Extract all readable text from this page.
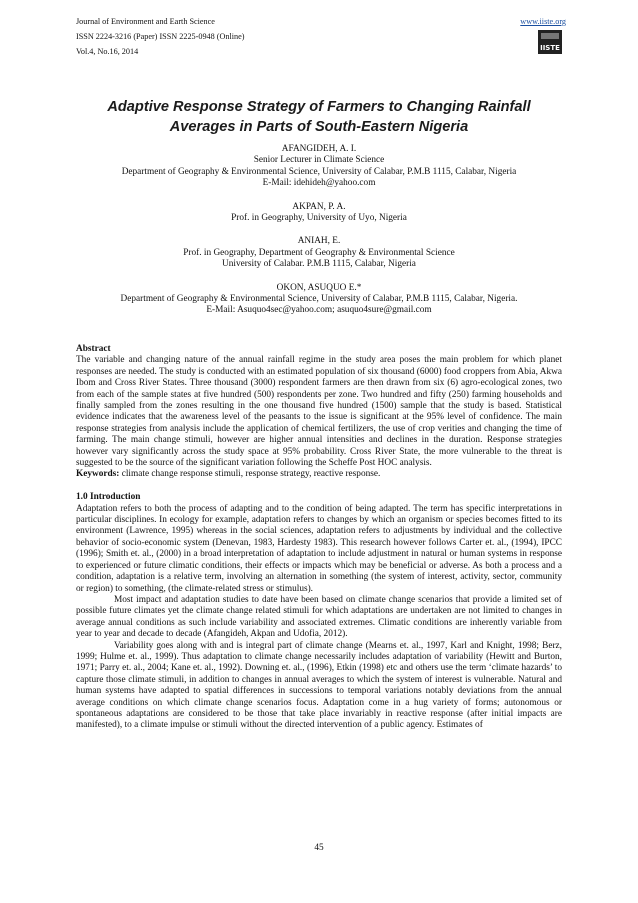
Journal of Environment and Earth Science
ISSN 2224-3216 (Paper) ISSN 2225-0948 (Online)
Vol.4, No.16, 2014
www.iiste.org
IISTE
Adaptive Response Strategy of Farmers to Changing Rainfall Averages in Parts of South-Eastern Nigeria
AFANGIDEH, A. I.
Senior Lecturer in Climate Science
Department of Geography & Environmental Science, University of Calabar, P.M.B 1115, Calabar, Nigeria
E-Mail: idehideh@yahoo.com
AKPAN, P. A.
Prof. in Geography, University of Uyo, Nigeria
ANIAH, E.
Prof. in Geography, Department of Geography & Environmental Science
University of Calabar. P.M.B 1115, Calabar, Nigeria
OKON, ASUQUO E.*
Department of Geography & Environmental Science, University of Calabar, P.M.B 1115, Calabar, Nigeria.
E-Mail: Asuquo4sec@yahoo.com; asuquo4sure@gmail.com

Abstract

The variable and changing nature of the annual rainfall regime in the study area poses the main problem for which planet responses are needed. The study is conducted with an estimated population of six thousand (6000) food croppers from Abia, Akwa Ibom and Cross River States. Three thousand (3000) respondent farmers are then drawn from six (6) agro-ecological zones, two from each of the sample states at five hundred (500) respondents per zone. Two hundred and fifty (250) farming households and finally sampled from the zones resulting in the one thousand five hundred (1500) sample that the study is based. Statistical evidence indicates that the awareness level of the peasants to the issue is significant at the 95% level of confidence. The main response strategies from analysis include the application of chemical fertilizers, the use of crop verities and changing the time of farming. The main change stimuli, however are higher annual intensities and declines in the duration. Response strategies however vary significantly across the study space at 95% probability. Cross River State, the more vulnerable to the threat is suggested to be the source of the significant variation following the Scheffe Post HOC analysis.

Keywords: climate change response stimuli, response strategy, reactive response.

1.0 Introduction

Adaptation refers to both the process of adapting and to the condition of being adapted. The term has specific interpretations in particular disciplines. In ecology for example, adaptation refers to changes by which an organism or species becomes fitted to its environment (Lawrence, 1995) whereas in the social sciences, adaptation refers to adjustments by individual and the collective behavior of socio-economic system (Denevan, 1983, Hardesty 1983). This research however follows Carter et. al., (1994), IPCC (1996); Smith et. al., (2000) in a broad interpretation of adaptation to include adjustment in natural or human systems in response to experienced or future climatic conditions, their effects or impacts which may be beneficial or adverse. As both a process and a condition, adaptation is a relative term, involving an alternation in something (the system of interest, activity, sector, community or region) to something, (the climate-related stress or stimulus).

Most impact and adaptation studies to date have been based on climate change scenarios that provide a limited set of possible future climates yet the climate change related stimuli for which adaptations are undertaken are not limited to changes in average annual conditions as such include variability and associated extremes. Climatic conditions are inherently variable from year to year and decade to decade (Afangideh, Akpan and Udofia, 2012).

Variability goes along with and is integral part of climate change (Mearns et. al., 1997, Karl and Knight, 1998; Berz, 1999; Hulme et. al., 1999). Thus adaptation to climate change necessarily includes adaptation of variability (Hewitt and Burton, 1971; Parry et. al., 2004; Kane et. al., 1992). Downing et. al., (1996), Etkin (1998) etc and others use the term ‘climate hazards’ to capture those climate stimuli, in addition to changes in annual averages to which the system of interest is vulnerable. Natural and human systems have adapted to spatial differences in successions to temporal variations notably deviations from the annual average conditions on which climate change scenarios focus. Adaptation come in a hug variety of forms; autonomous or spontaneous adaptations are considered to be those that take place invariably in reactive response (after initial impacts are manifested), to a climate impulse or stimuli without the directed intervention of a public agency. Estimates of

45
